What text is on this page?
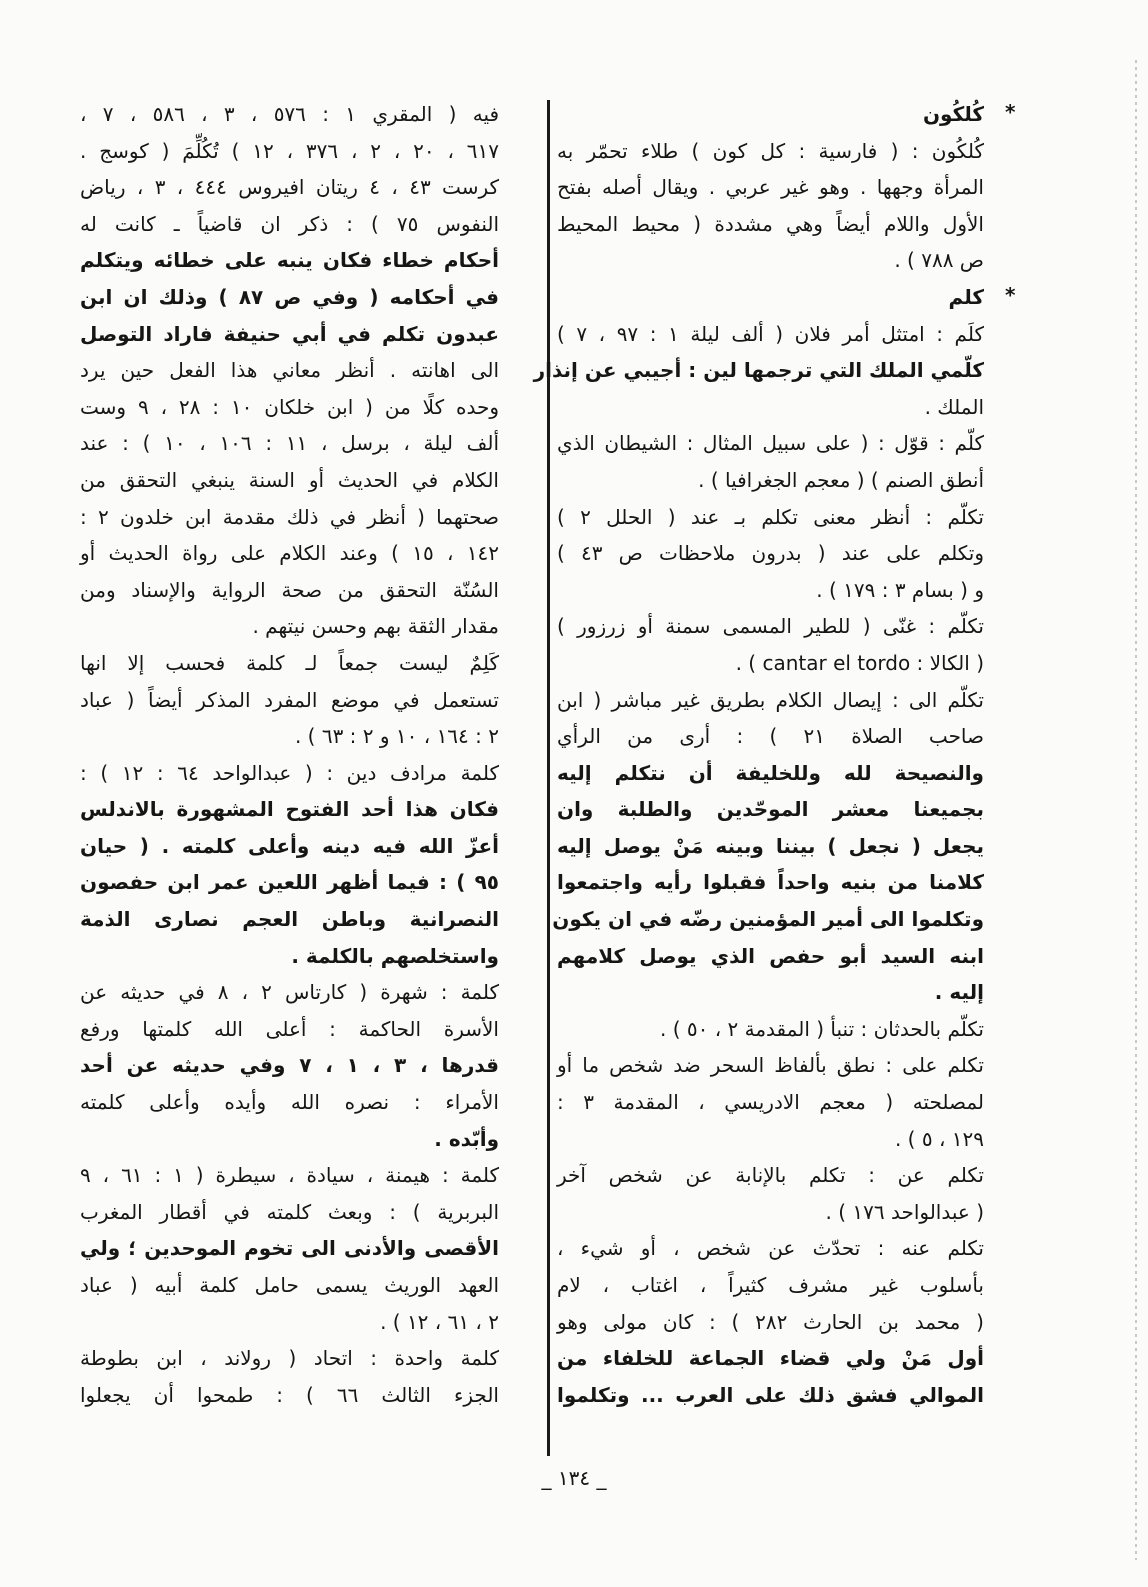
كُلكُون
كُلكُون : ( فارسية : كل كون ) طلاء تحمّر به
المرأة وجهها . وهو غير عربي . ويقال أصله بفتح
الأول واللام أيضاً وهي مشددة ( محيط المحيط
ص ٧٨٨ ) .
كلم
كلَم : امتثل أمر فلان ( ألف ليلة ١ : ٩٧ ، ٧ )
كلّمي الملك التي ترجمها لين : أجيبي عن إنذار
الملك .
كلّم : قوّل : ( على سبيل المثال : الشيطان الذي
أنطق الصنم ) ( معجم الجغرافيا ) .
تكلّم : أنظر معنى تكلم بـ عند ( الحلل ٢ )
وتكلم على عند ( بدرون ملاحظات ص ٤٣ )
و ( بسام ٣ : ١٧٩ ) .
تكلّم : غنّى ( للطير المسمى سمنة أو زرزور )
( الكالا : cantar el tordo ) .
تكلّم الى : إيصال الكلام بطريق غير مباشر ( ابن
صاحب الصلاة ٢١ ) : أرى من الرأي
والنصيحة لله وللخليفة أن نتكلم إليه
بجميعنا معشر الموحّدين والطلبة وان
يجعل ( نجعل ) بيننا وبينه مَنْ يوصل إليه
كلامنا من بنيه واحداً فقبلوا رأيه واجتمعوا
وتكلموا الى أمير المؤمنين رضّه في ان يكون
ابنه السيد أبو حفص الذي يوصل كلامهم
إليه .
تكلّم بالحدثان : تنبأ ( المقدمة ٢ ، ٥٠ ) .
تكلم على : نطق بألفاظ السحر ضد شخص ما أو
لمصلحته ( معجم الادريسي ، المقدمة ٣ :
١٢٩ ، ٥ ) .
تكلم عن : تكلم بالإنابة عن شخص آخر
( عبدالواحد ١٧٦ ) .
تكلم عنه : تحدّث عن شخص ، أو شيء ،
بأسلوب غير مشرف كثيراً ، اغتاب ، لام
( محمد بن الحارث ٢٨٢ ) : كان مولى وهو
أول مَنْ ولي قضاء الجماعة للخلفاء من
الموالي فشق ذلك على العرب ... وتكلموا
فيه ( المقري ١ : ٥٧٦ ، ٣ ، ٥٨٦ ، ٧ ،
٦١٧ ، ٢٠ ، ٢ ، ٣٧٦ ، ١٢ ) تُكُلِّمَ ( كوسج .
كرست ٤٣ ، ٤ ريتان افيروس ٤٤٤ ، ٣ ، رياض
النفوس ٧٥ ) : ذكر ان قاضياً ـ كانت له
أحكام خطاء فكان ينبه على خطائه ويتكلم
في أحكامه ( وفي ص ٨٧ ) وذلك ان ابن
عبدون تكلم في أبي حنيفة فاراد التوصل
الى اهانته . أنظر معاني هذا الفعل حين يرد
وحده كلًا من ( ابن خلكان ١٠ : ٢٨ ، ٩ وست
ألف ليلة ، برسل ، ١١ : ١٠٦ ، ١٠ ) : عند
الكلام في الحديث أو السنة ينبغي التحقق من
صحتهما ( أنظر في ذلك مقدمة ابن خلدون ٢ :
١٤٢ ، ١٥ ) وعند الكلام على رواة الحديث أو
السُنّة التحقق من صحة الرواية والإسناد ومن
مقدار الثقة بهم وحسن نيتهم .
كَلِمٌ ليست جمعاً لـ كلمة فحسب إلا انها
تستعمل في موضع المفرد المذكر أيضاً ( عباد
٢ : ١٦٤ ، ١٠ و ٢ : ٦٣ ) .
كلمة مرادف دين : ( عبدالواحد ٦٤ : ١٢ ) :
فكان هذا أحد الفتوح المشهورة بالاندلس
أعزّ الله فيه دينه وأعلى كلمته . ( حيان
٩٥ ) : فيما أظهر اللعين عمر ابن حفصون
النصرانية وباطن العجم نصارى الذمة
واستخلصهم بالكلمة .
كلمة : شهرة ( كارتاس ٢ ، ٨ في حديثه عن
الأسرة الحاكمة : أعلى الله كلمتها ورفع
قدرها ، ٣ ، ١ ، ٧ وفي حديثه عن أحد
الأمراء : نصره الله وأيده وأعلى كلمته
وأبّده .
كلمة : هيمنة ، سيادة ، سيطرة ( ١ : ٦١ ، ٩
البربرية ) : وبعث كلمته في أقطار المغرب
الأقصى والأدنى الى تخوم الموحدين ؛ ولي
العهد الوريث يسمى حامل كلمة أبيه ( عباد
٢ ، ٦١ ، ١٢ ) .
كلمة واحدة : اتحاد ( رولاند ، ابن بطوطة
الجزء الثالث ٦٦ ) : طمحوا أن يجعلوا
*
*
_ ١٣٤ _
